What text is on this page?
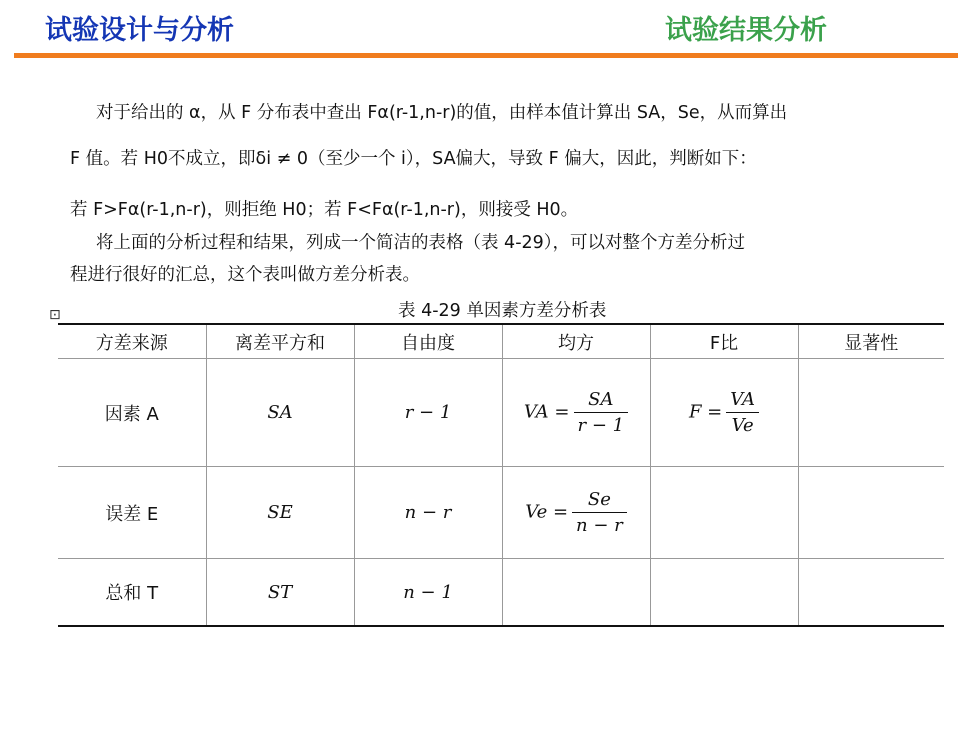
试验设计与分析	试验结果分析
对于给出的 α，从 F 分布表中查出 Fα(r-1,n-r)的值，由样本值计算出 SA，Se，从而算出
F 值。若 H0不成立，即δi ≠ 0（至少一个 i），SA偏大，导致 F 偏大，因此，判断如下：
若 F>Fα(r-1,n-r)，则拒绝 H0；若 F<Fα(r-1,n-r)，则接受 H0。
将上面的分析过程和结果，列成一个简洁的表格（表 4-29），可以对整个方差分析过
程进行很好的汇总，这个表叫做方差分析表。
⊡	表 4-29 单因素方差分析表
方差来源	离差平方和	自由度	均方	F比	显著性
因素 A	SA	r − 1	VA = $\frac{SA}{r - 1}$	$F = \frac{VA}{Ve}$

误差 E	SE	n − r	$Ve = \frac{Se}{n - r}$

总和 T	ST	n − 1			
